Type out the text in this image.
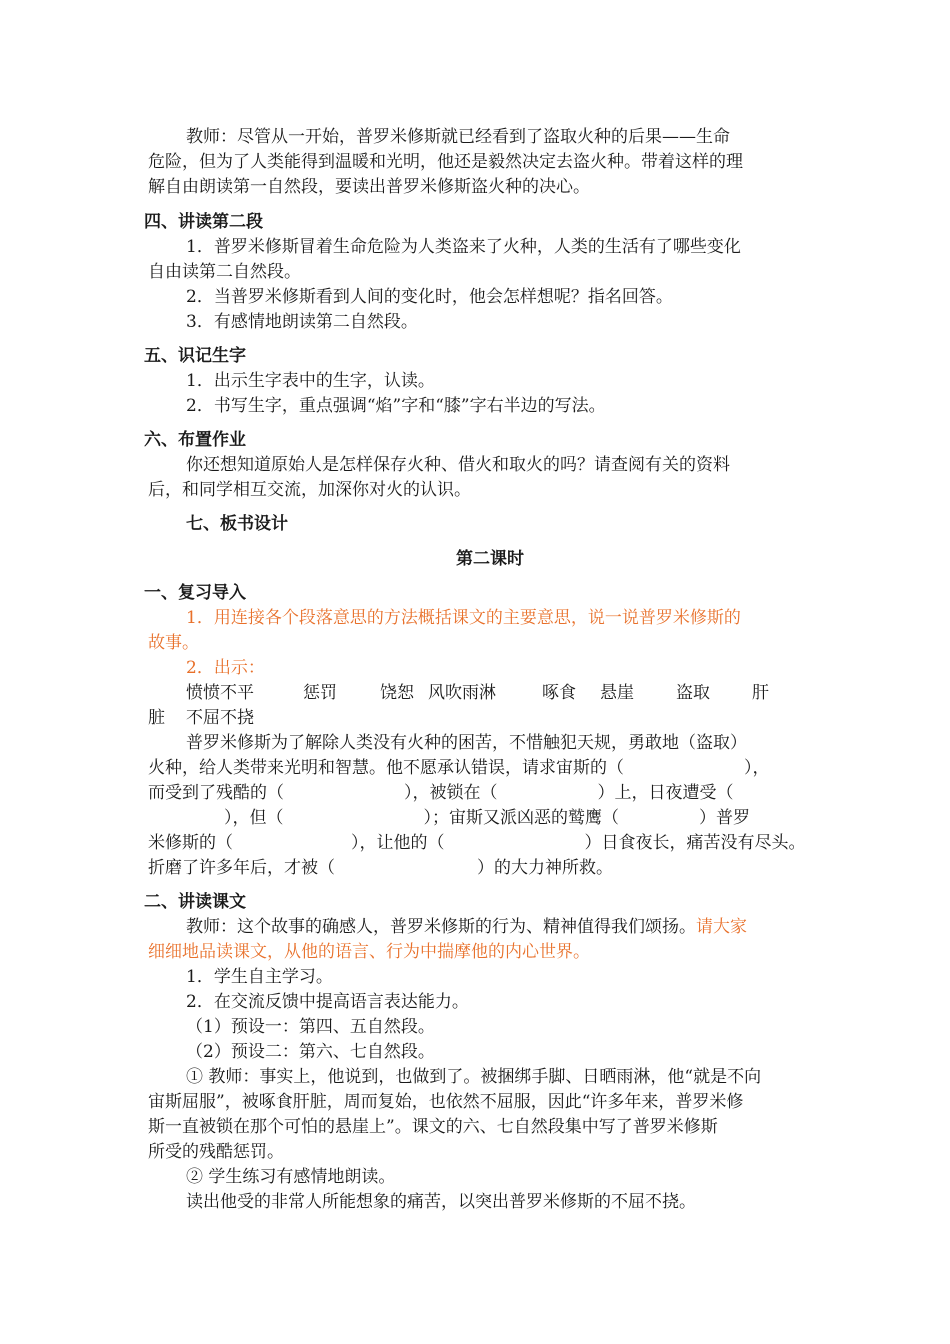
教师：尽管从一开始，普罗米修斯就已经看到了盗取火种的后果——生命
危险，但为了人类能得到温暖和光明，他还是毅然决定去盗火种。带着这样的理
解自由朗读第一自然段，要读出普罗米修斯盗火种的决心。
四、讲读第二段
1．普罗米修斯冒着生命危险为人类盗来了火种，人类的生活有了哪些变化
自由读第二自然段。
2．当普罗米修斯看到人间的变化时，他会怎样想呢？指名回答。
3．有感情地朗读第二自然段。
五、识记生字
1．出示生字表中的生字，认读。
2．书写生字，重点强调“焰”字和“膝”字右半边的写法。
六、布置作业
你还想知道原始人是怎样保存火种、借火和取火的吗？请查阅有关的资料
后，和同学相互交流，加深你对火的认识。
七、板书设计
第二课时
一、复习导入
1．用连接各个段落意思的方法概括课文的主要意思，说一说普罗米修斯的
故事。
2．出示：
愤愤不平	惩罚	饶恕 风吹雨淋	啄食 悬崖 盗取 肝
脏 不屈不挠
普罗米修斯为了解除人类没有火种的困苦，不惜触犯天规，勇敢地（盗取）
火种，给人类带来光明和智慧。他不愿承认错误，请求宙斯的（	），
而受到了残酷的（	），被锁在（	）上，日夜遭受（
），但（	）；宙斯又派凶恶的鹫鹰（	）普罗
米修斯的（	），让他的（	）日食夜长，痛苦没有尽头。
折磨了许多年后，才被（	）的大力神所救。
二、讲读课文
教师：这个故事的确感人，普罗米修斯的行为、精神值得我们颂扬。请大家
细细地品读课文，从他的语言、行为中揣摩他的内心世界。
1．学生自主学习。
2．在交流反馈中提高语言表达能力。
（1）预设一：第四、五自然段。
（2）预设二：第六、七自然段。
① 教师：事实上，他说到，也做到了。被捆绑手脚、日晒雨淋，他“就是不向
宙斯屈服”，被啄食肝脏，周而复始，也依然不屈服，因此“许多年来，普罗米修
斯一直被锁在那个可怕的悬崖上”。课文的六、七自然段集中写了普罗米修斯
所受的残酷惩罚。
② 学生练习有感情地朗读。
读出他受的非常人所能想象的痛苦，以突出普罗米修斯的不屈不挠。
